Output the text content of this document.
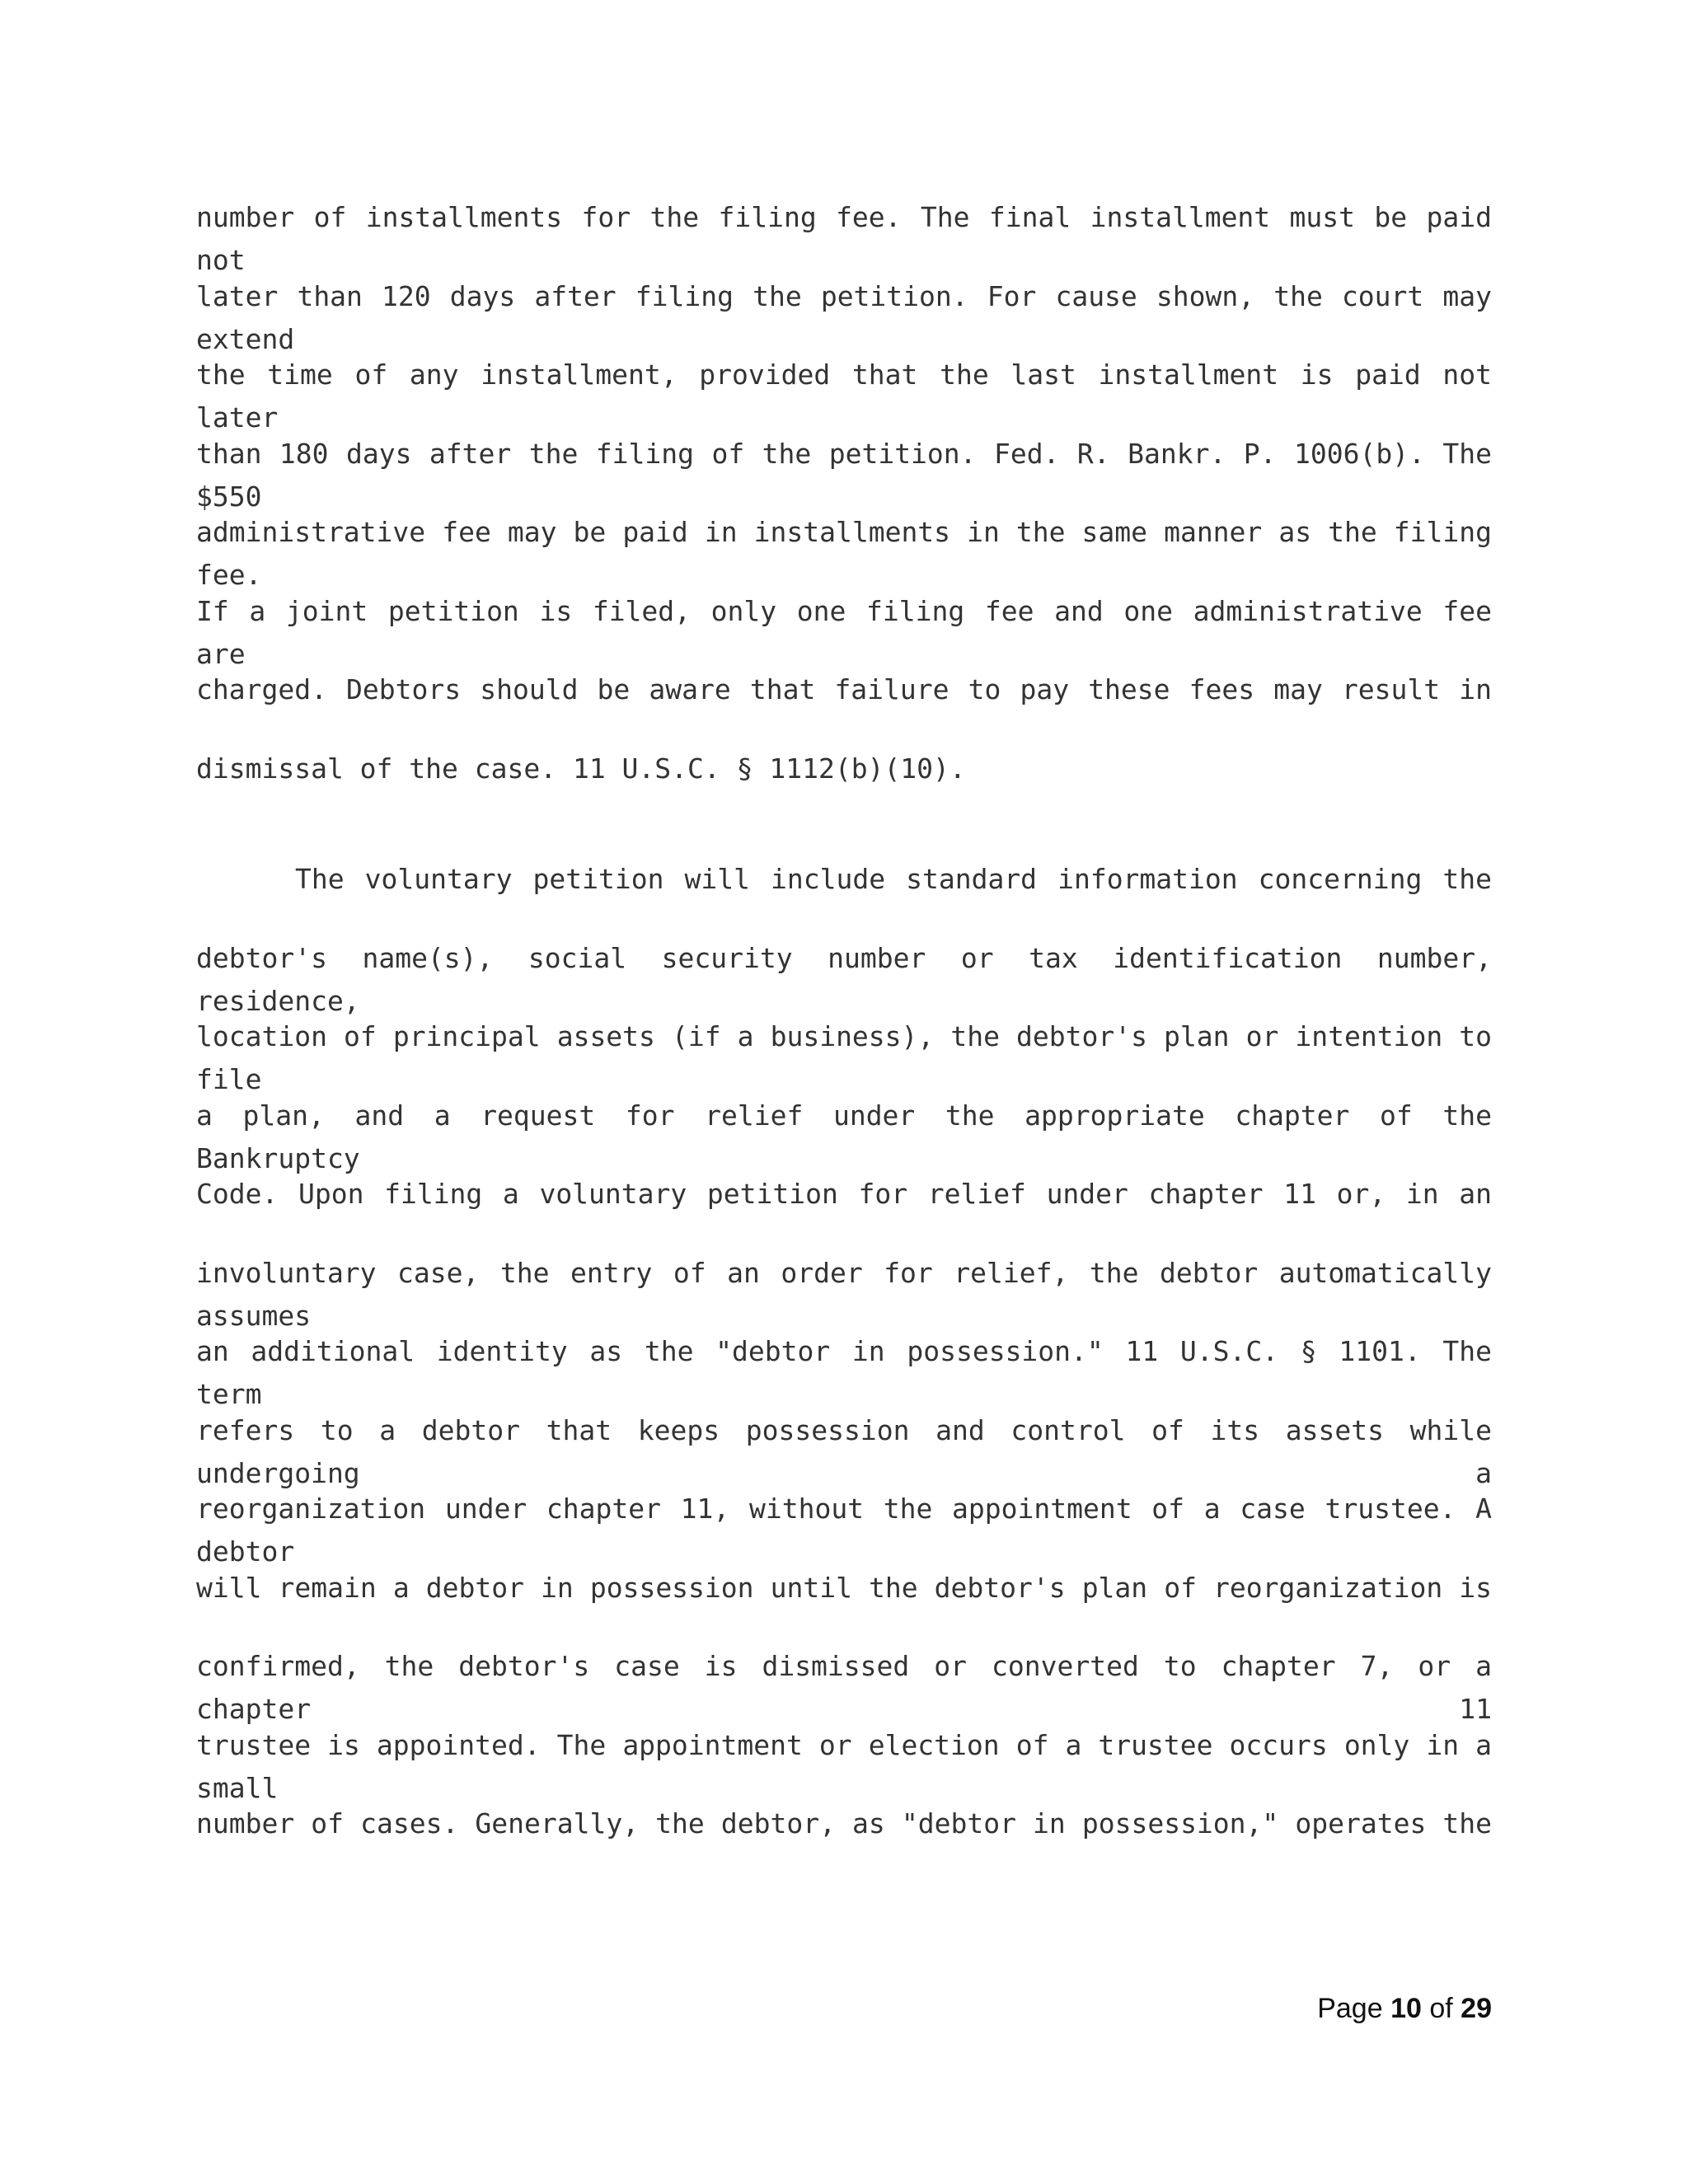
number of installments for the filing fee. The final installment must be paid not
later than 120 days after filing the petition. For cause shown, the court may extend
the time of any installment, provided that the last installment is paid not later
than 180 days after the filing of the petition. Fed. R. Bankr. P. 1006(b). The $550
administrative fee may be paid in installments in the same manner as the filing fee.
If a joint petition is filed, only one filing fee and one administrative fee are
charged. Debtors should be aware that failure to pay these fees may result in
dismissal of the case. 11 U.S.C. § 1112(b)(10).
The voluntary petition will include standard information concerning the
debtor's name(s), social security number or tax identification number, residence,
location of principal assets (if a business), the debtor's plan or intention to file
a plan, and a request for relief under the appropriate chapter of the Bankruptcy
Code. Upon filing a voluntary petition for relief under chapter 11 or, in an
involuntary case, the entry of an order for relief, the debtor automatically assumes
an additional identity as the "debtor in possession." 11 U.S.C. § 1101. The term
refers to a debtor that keeps possession and control of its assets while undergoing a
reorganization under chapter 11, without the appointment of a case trustee. A debtor
will remain a debtor in possession until the debtor's plan of reorganization is
confirmed, the debtor's case is dismissed or converted to chapter 7, or a chapter 11
trustee is appointed. The appointment or election of a trustee occurs only in a small
number of cases. Generally, the debtor, as "debtor in possession," operates the
Page 10 of 29
